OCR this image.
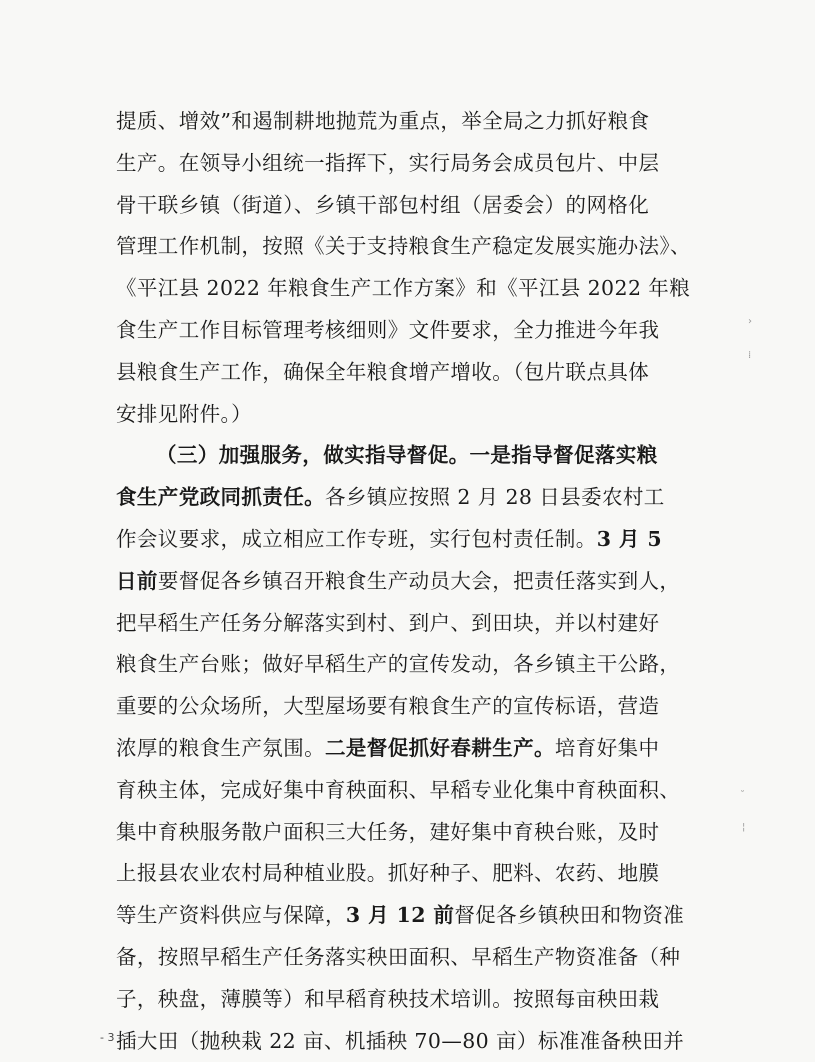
提质、增效”和遏制耕地抛荒为重点，举全局之力抓好粮食
生产。在领导小组统一指挥下，实行局务会成员包片、中层
骨干联乡镇（街道）、乡镇干部包村组（居委会）的网格化
管理工作机制，按照《关于支持粮食生产稳定发展实施办法》、
《平江县 2022 年粮食生产工作方案》和《平江县 2022 年粮
食生产工作目标管理考核细则》文件要求，全力推进今年我
县粮食生产工作，确保全年粮食增产增收。（包片联点具体
安排见附件。）
（三）加强服务，做实指导督促。一是指导督促落实粮
食生产党政同抓责任。各乡镇应按照 2 月 28 日县委农村工
作会议要求，成立相应工作专班，实行包村责任制。3 月 5
日前要督促各乡镇召开粮食生产动员大会，把责任落实到人，
把早稻生产任务分解落实到村、到户、到田块，并以村建好
粮食生产台账；做好早稻生产的宣传发动，各乡镇主干公路，
重要的公众场所，大型屋场要有粮食生产的宣传标语，营造
浓厚的粮食生产氛围。二是督促抓好春耕生产。培育好集中
育秧主体，完成好集中育秧面积、早稻专业化集中育秧面积、
集中育秧服务散户面积三大任务，建好集中育秧台账，及时
上报县农业农村局种植业股。抓好种子、肥料、农药、地膜
等生产资料供应与保障，3 月 12 前督促各乡镇秧田和物资准
备，按照早稻生产任务落实秧田面积、早稻生产物资准备（种
子，秧盘，薄膜等）和早稻育秧技术培训。按照每亩秧田栽
插大田（抛秧栽 22 亩、机插秧 70—80 亩）标准准备秧田并
- 3 -
›
⁞
˘
¦
